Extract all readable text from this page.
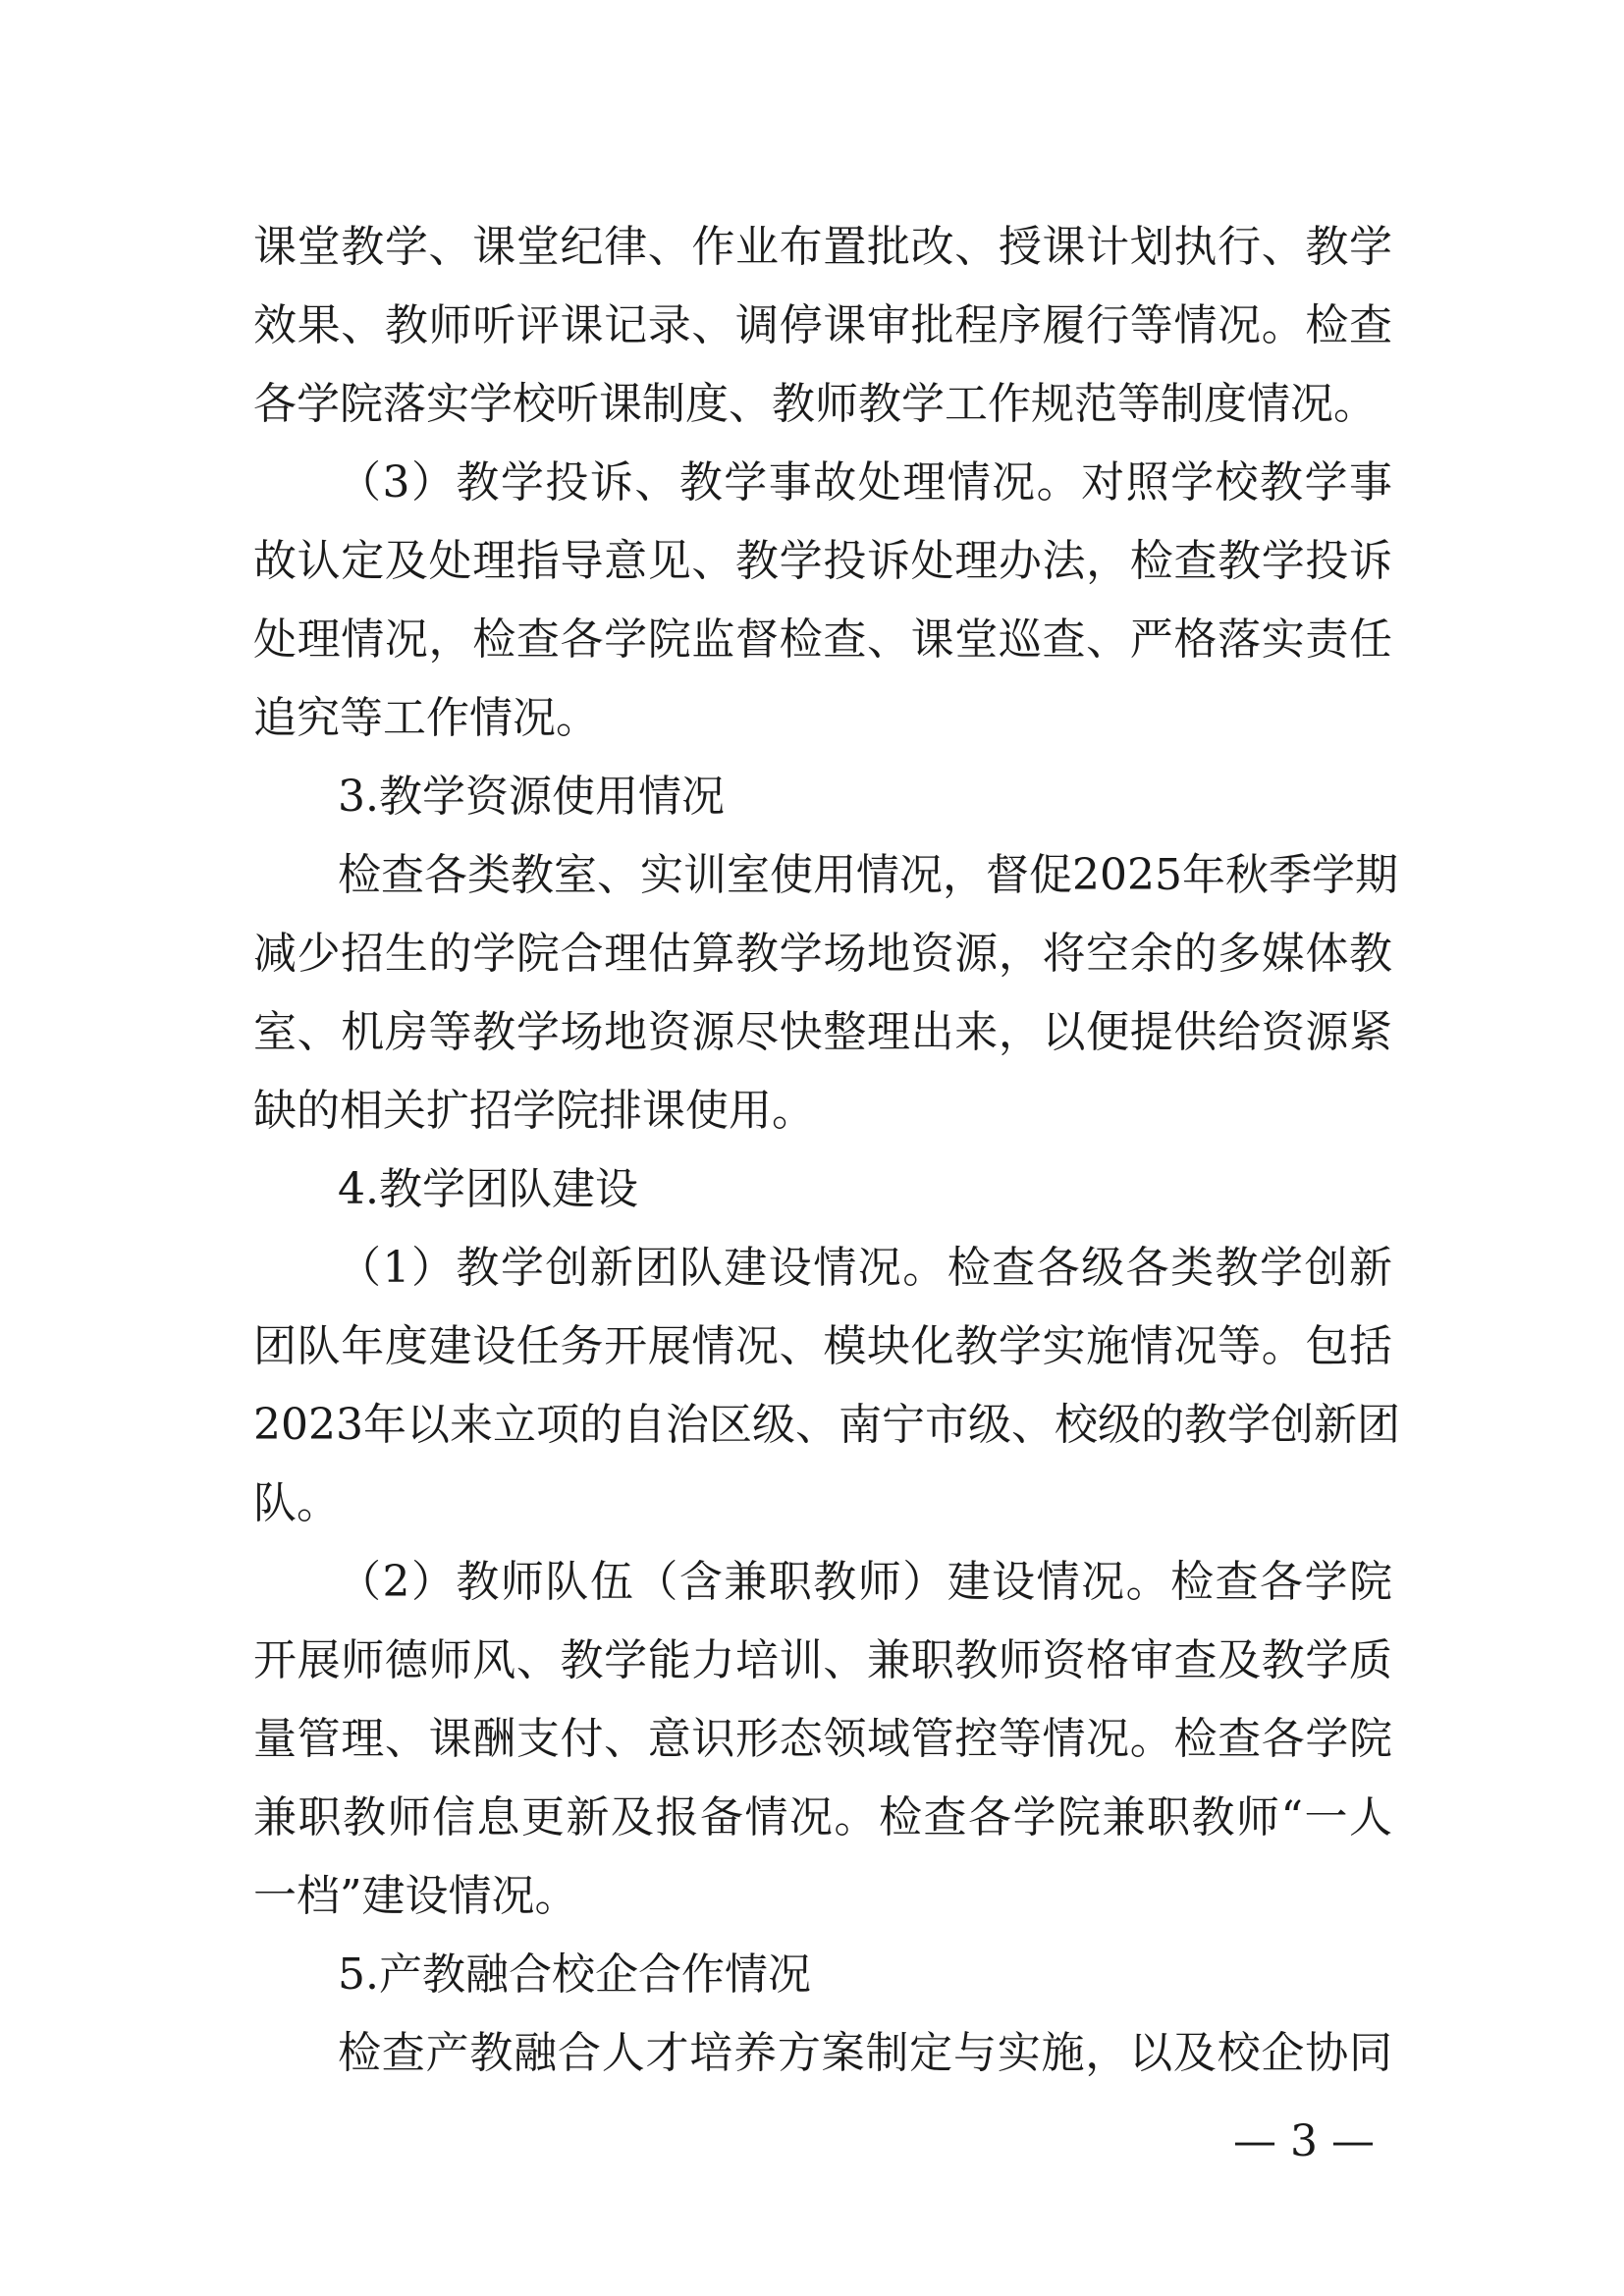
课堂教学、课堂纪律、作业布置批改、授课计划执行、教学
效果、教师听评课记录、调停课审批程序履行等情况。检查
各学院落实学校听课制度、教师教学工作规范等制度情况。
（3）教学投诉、教学事故处理情况。对照学校教学事
故认定及处理指导意见、教学投诉处理办法，检查教学投诉
处理情况，检查各学院监督检查、课堂巡查、严格落实责任
追究等工作情况。
3.教学资源使用情况
检查各类教室、实训室使用情况，督促2025年秋季学期
减少招生的学院合理估算教学场地资源，将空余的多媒体教
室、机房等教学场地资源尽快整理出来，以便提供给资源紧
缺的相关扩招学院排课使用。
4.教学团队建设
（1）教学创新团队建设情况。检查各级各类教学创新
团队年度建设任务开展情况、模块化教学实施情况等。包括
2023年以来立项的自治区级、南宁市级、校级的教学创新团
队。
（2）教师队伍（含兼职教师）建设情况。检查各学院
开展师德师风、教学能力培训、兼职教师资格审查及教学质
量管理、课酬支付、意识形态领域管控等情况。检查各学院
兼职教师信息更新及报备情况。检查各学院兼职教师“一人
一档”建设情况。
5.产教融合校企合作情况
检查产教融合人才培养方案制定与实施，以及校企协同
— 3 —
